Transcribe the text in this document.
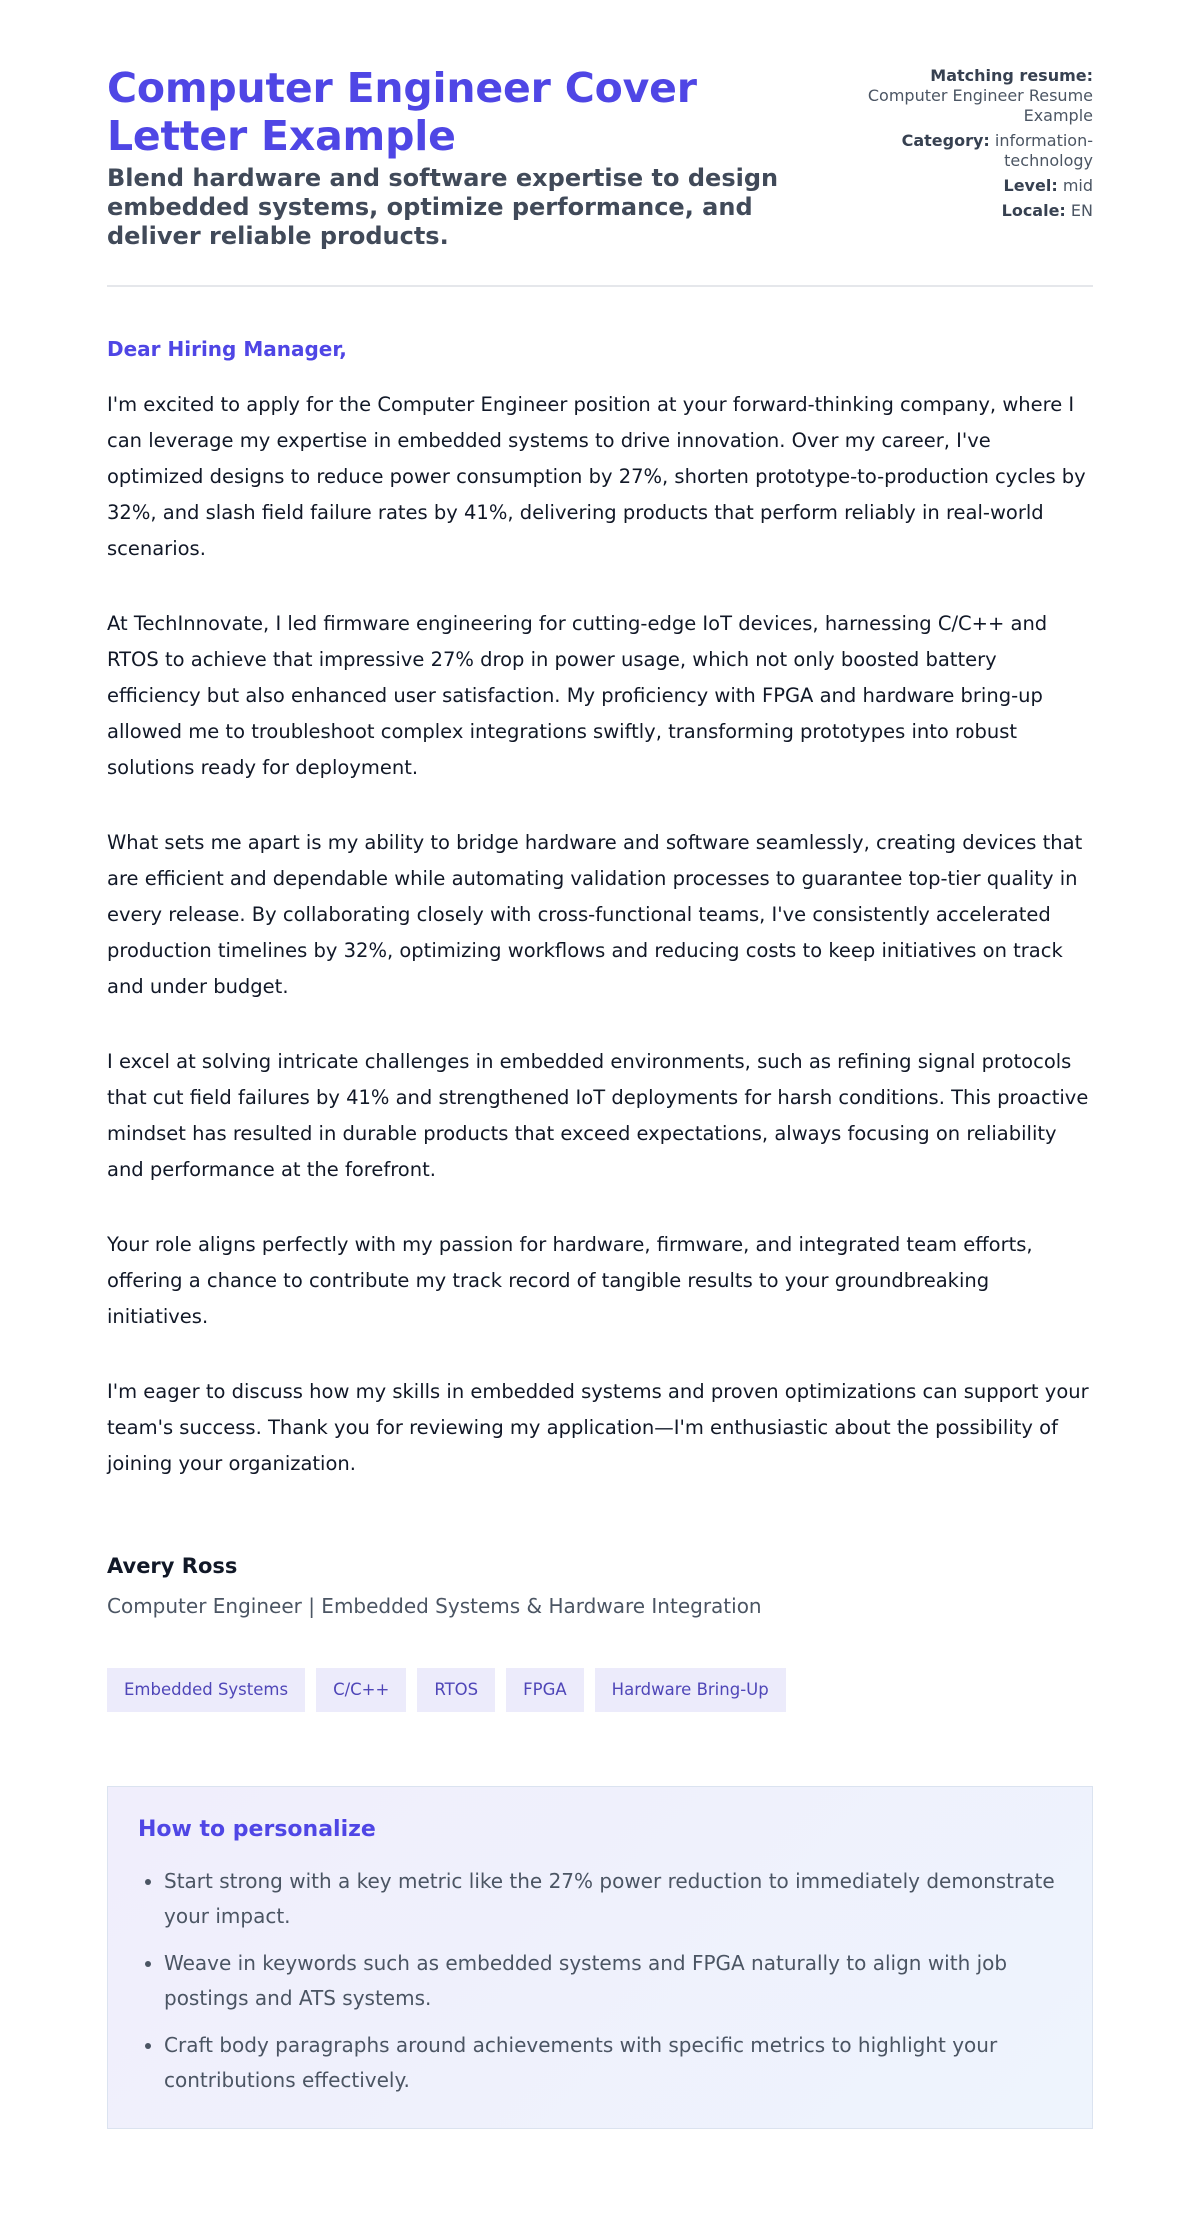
Computer Engineer Cover Letter Example
Blend hardware and software expertise to design embedded systems, optimize performance, and deliver reliable products.
Matching resume:
Computer Engineer Resume Example
Category: information-technology
Level: mid
Locale: EN
Dear Hiring Manager,

I'm excited to apply for the Computer Engineer position at your forward-thinking company, where I can leverage my expertise in embedded systems to drive innovation. Over my career, I've optimized designs to reduce power consumption by 27%, shorten prototype-to-production cycles by 32%, and slash field failure rates by 41%, delivering products that perform reliably in real-world scenarios.

At TechInnovate, I led firmware engineering for cutting-edge IoT devices, harnessing C/C++ and RTOS to achieve that impressive 27% drop in power usage, which not only boosted battery efficiency but also enhanced user satisfaction. My proficiency with FPGA and hardware bring-up allowed me to troubleshoot complex integrations swiftly, transforming prototypes into robust solutions ready for deployment.

What sets me apart is my ability to bridge hardware and software seamlessly, creating devices that are efficient and dependable while automating validation processes to guarantee top-tier quality in every release. By collaborating closely with cross-functional teams, I've consistently accelerated production timelines by 32%, optimizing workflows and reducing costs to keep initiatives on track and under budget.

I excel at solving intricate challenges in embedded environments, such as refining signal protocols that cut field failures by 41% and strengthened IoT deployments for harsh conditions. This proactive mindset has resulted in durable products that exceed expectations, always focusing on reliability and performance at the forefront.

Your role aligns perfectly with my passion for hardware, firmware, and integrated team efforts, offering a chance to contribute my track record of tangible results to your groundbreaking initiatives.

I'm eager to discuss how my skills in embedded systems and proven optimizations can support your team's success. Thank you for reviewing my application—I'm enthusiastic about the possibility of joining your organization.

Avery Ross
Computer Engineer | Embedded Systems & Hardware Integration
Embedded Systems	C/C++	RTOS	FPGA	Hardware Bring-Up
How to personalize
• Start strong with a key metric like the 27% power reduction to immediately demonstrate your impact.
• Weave in keywords such as embedded systems and FPGA naturally to align with job postings and ATS systems.
• Craft body paragraphs around achievements with specific metrics to highlight your contributions effectively.
